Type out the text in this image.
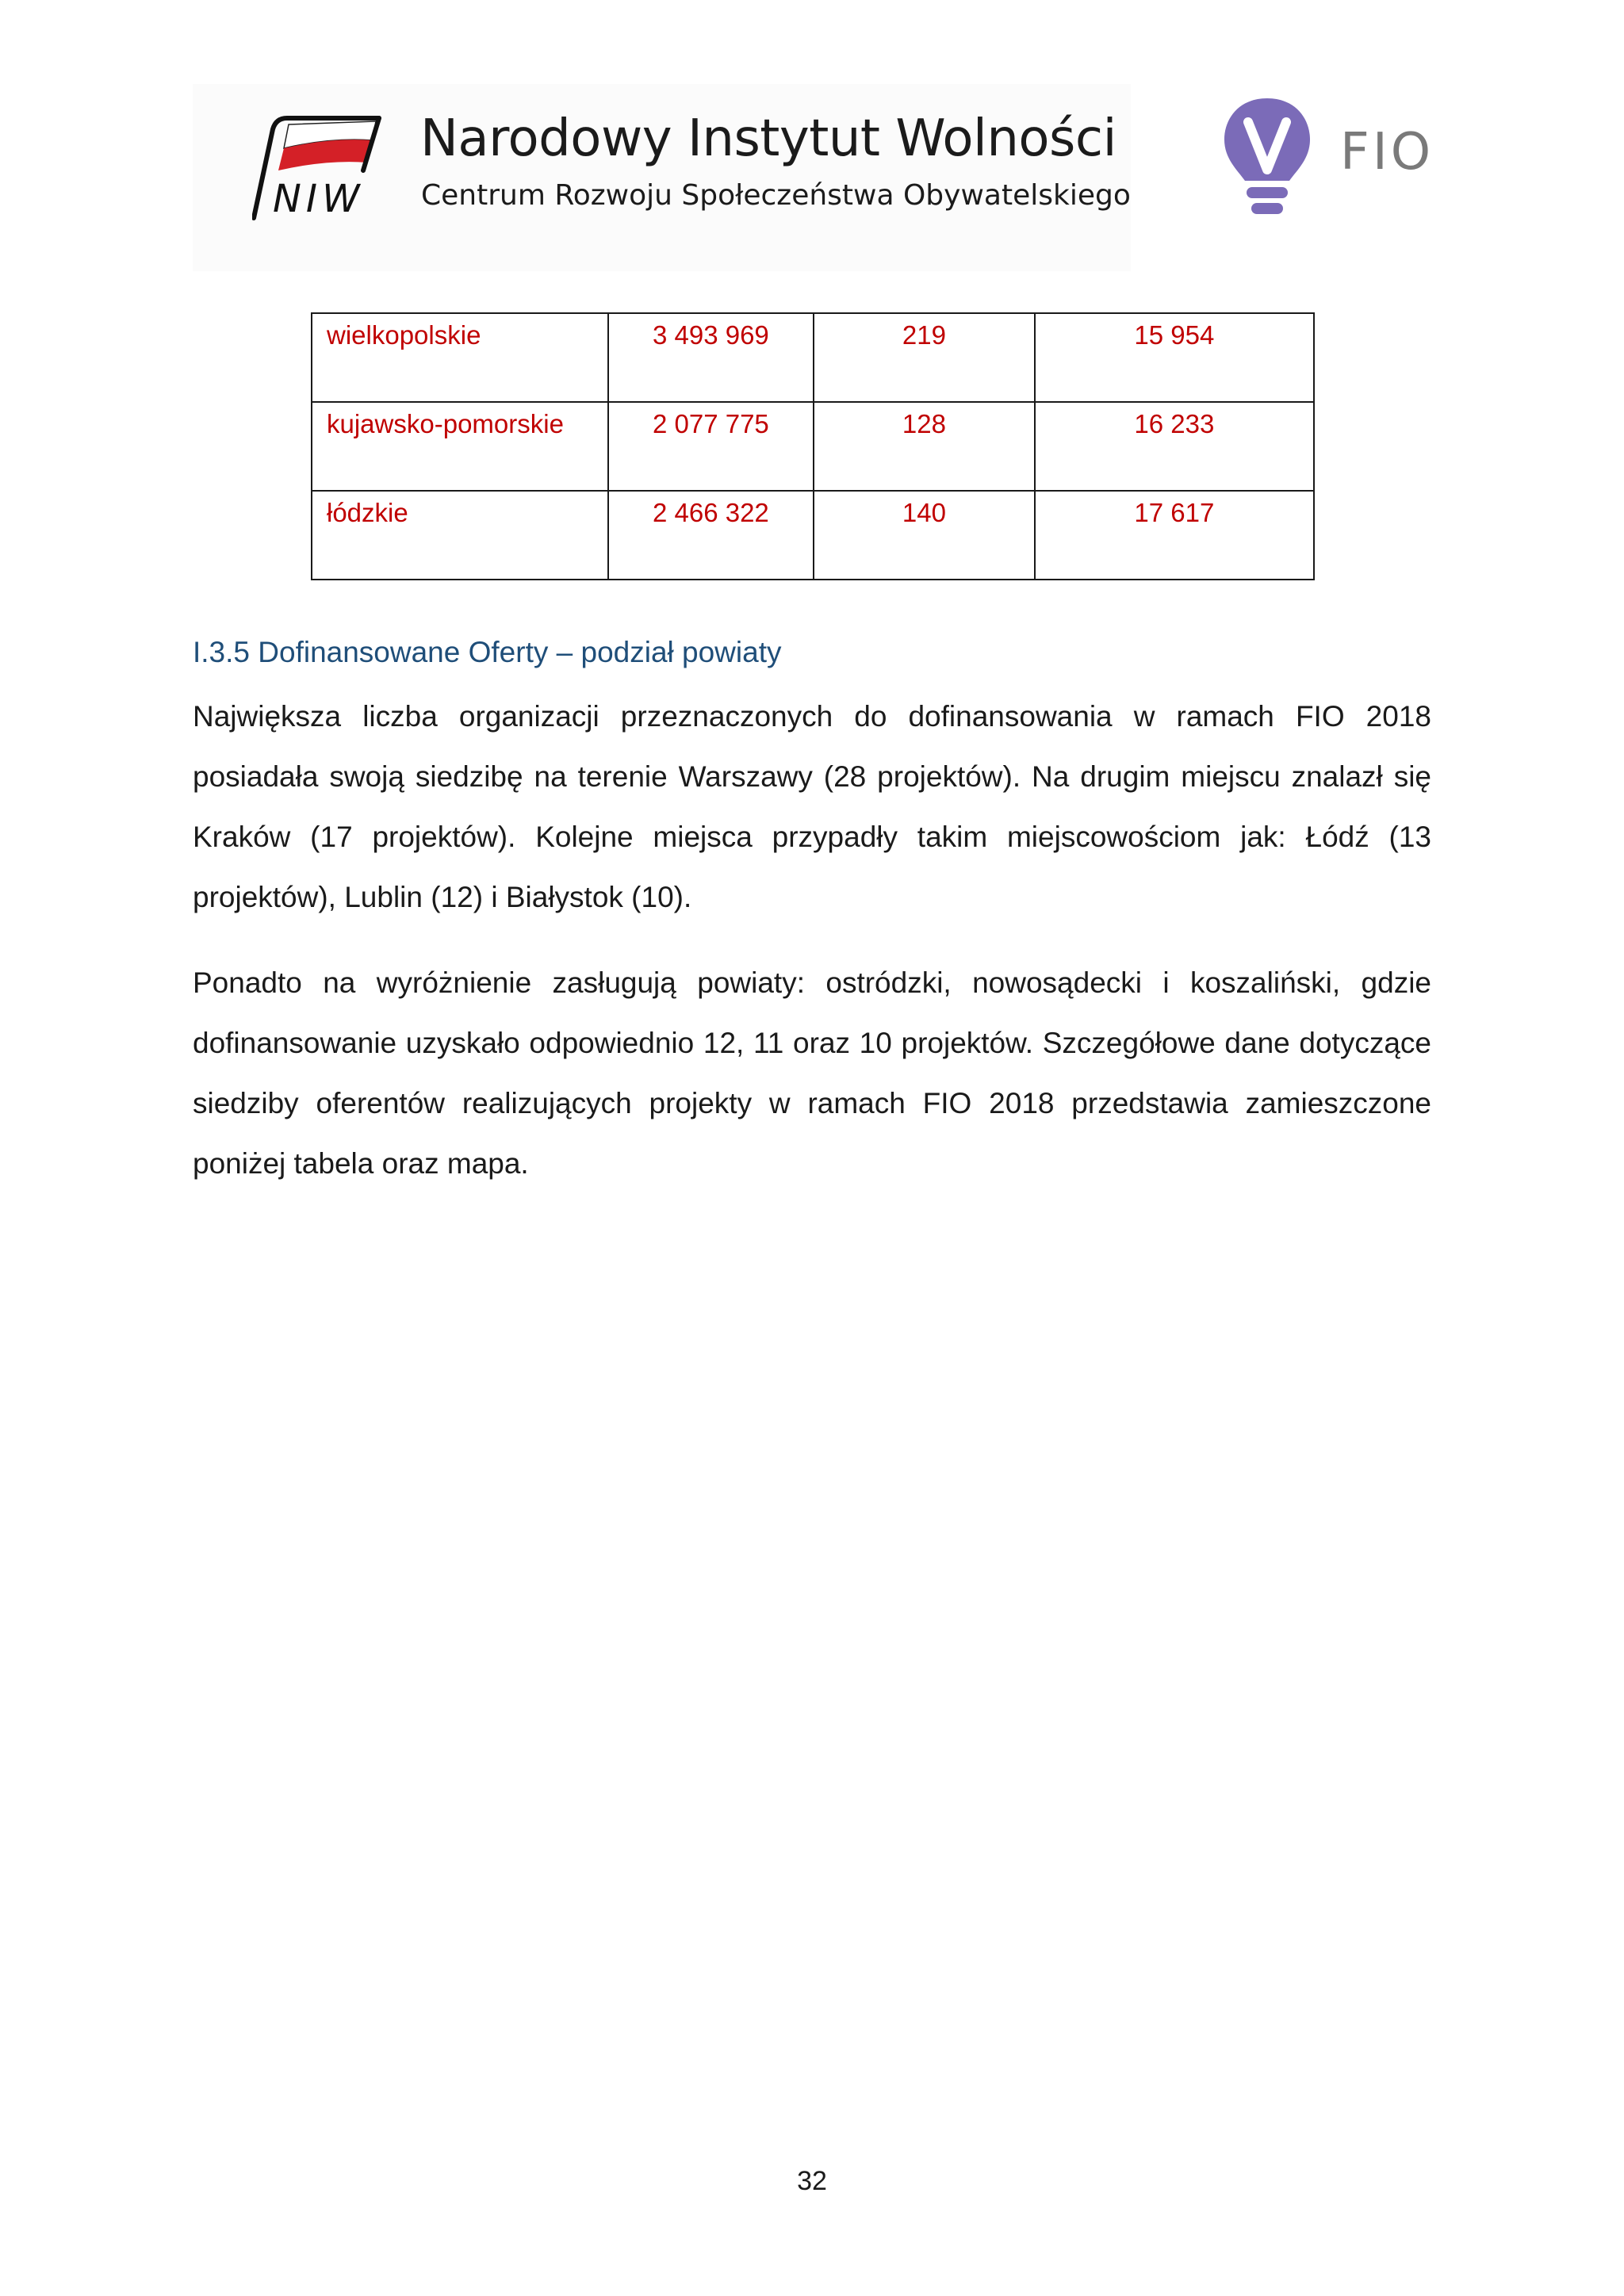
NIW
Narodowy Instytut Wolności
Centrum Rozwoju Społeczeństwa Obywatelskiego
FIO
wielkopolskie	3 493 969	219	15 954
kujawsko-pomorskie	2 077 775	128	16 233
łódzkie	2 466 322	140	17 617
I.3.5 Dofinansowane Oferty – podział powiaty

Największa liczba organizacji przeznaczonych do dofinansowania w ramach FIO 2018 posiadała swoją siedzibę na terenie Warszawy (28 projektów). Na drugim miejscu znalazł się Kraków (17 projektów). Kolejne miejsca przypadły takim miejscowościom jak: Łódź (13 projektów), Lublin (12) i Białystok (10).

Ponadto na wyróżnienie zasługują powiaty: ostródzki, nowosądecki i koszaliński, gdzie dofinansowanie uzyskało odpowiednio 12, 11 oraz 10 projektów. Szczegółowe dane dotyczące siedziby oferentów realizujących projekty w ramach FIO 2018 przedstawia zamieszczone poniżej tabela oraz mapa.

32
